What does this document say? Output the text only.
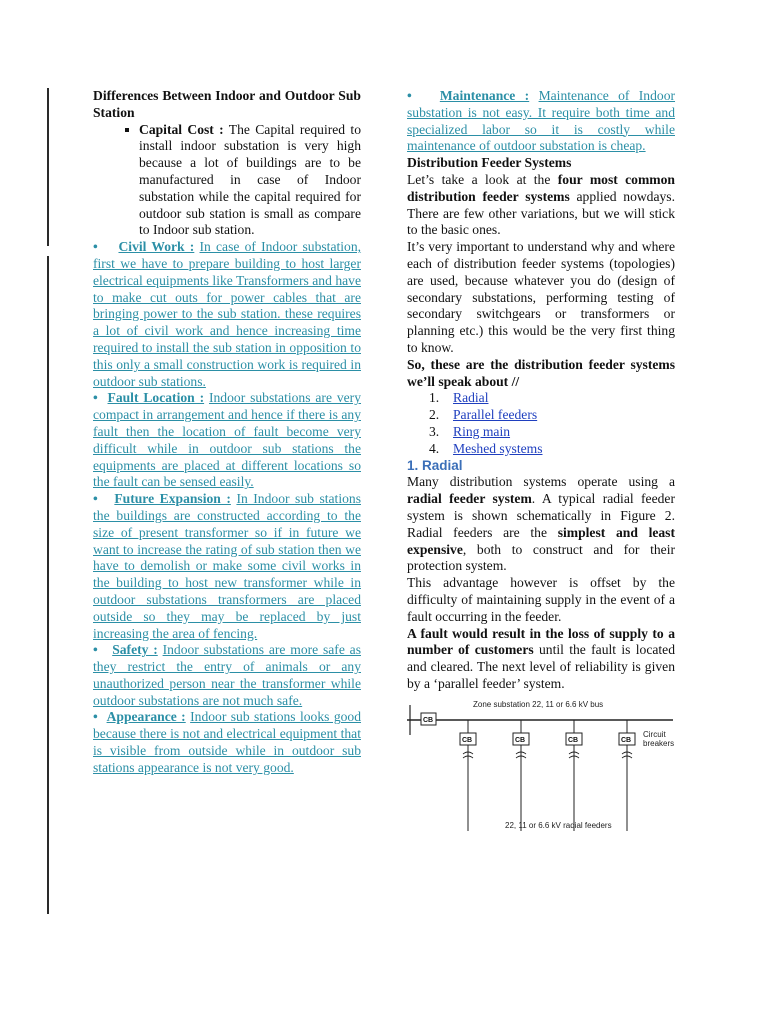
Differences Between Indoor and Outdoor Sub Station

Capital Cost : The Capital required to install indoor substation is very high because a lot of buildings are to be manufactured in case of Indoor substation while the capital required for outdoor sub station is small as compare to Indoor sub station.

• Civil Work : In case of Indoor substation, first we have to prepare building to host larger electrical equipments like Transformers and have to make cut outs for power cables that are bringing power to the sub station. these requires a lot of civil work and hence increasing time required to install the sub station in opposition to this only a small construction work is required in outdoor sub stations.

• Fault Location : Indoor substations are very compact in arrangement and hence if there is any fault then the location of fault become very difficult while in outdoor sub stations the equipments are placed at different locations so the fault can be sensed easily.

• Future Expansion : In Indoor sub stations the buildings are constructed according to the size of present transformer so if in future we want to increase the rating of sub station then we have to demolish or make some civil works in the building to host new transformer while in outdoor substations transformers are placed outside so they may be replaced by just increasing the area of fencing.

• Safety : Indoor substations are more safe as they restrict the entry of animals or any unauthorized person near the transformer while outdoor substations are not much safe.

• Appearance : Indoor sub stations looks good because there is not and electrical equipment that is visible from outside while in outdoor sub stations appearance is not very good.

• Maintenance : Maintenance of Indoor substation is not easy. It require both time and specialized labor so it is costly while maintenance of outdoor substation is cheap.

Distribution Feeder Systems

Let’s take a look at the four most common distribution feeder systems applied nowdays. There are few other variations, but we will stick to the basic ones.

It’s very important to understand why and where each of distribution feeder systems (topologies) are used, because whatever you do (design of secondary substations, performing testing of secondary switchgears or transformers or planning etc.) this would be the very first thing to know.

So, these are the distribution feeder systems we’ll speak about //

1.	Radial
2.	Parallel feeders
3.	Ring main
4.	Meshed systems

1. Radial

Many distribution systems operate using a radial feeder system. A typical radial feeder system is shown schematically in Figure 2. Radial feeders are the simplest and least expensive, both to construct and for their protection system.

This advantage however is offset by the difficulty of maintaining supply in the event of a fault occurring in the feeder.

A fault would result in the loss of supply to a number of customers until the fault is located and cleared. The next level of reliability is given by a ‘parallel feeder’ system.

Zone substation 22, 11 or 6.6 kV bus
CB
CB	CB	CB	CB
Circuit
breakers
22, 11 or 6.6 kV radial feeders
